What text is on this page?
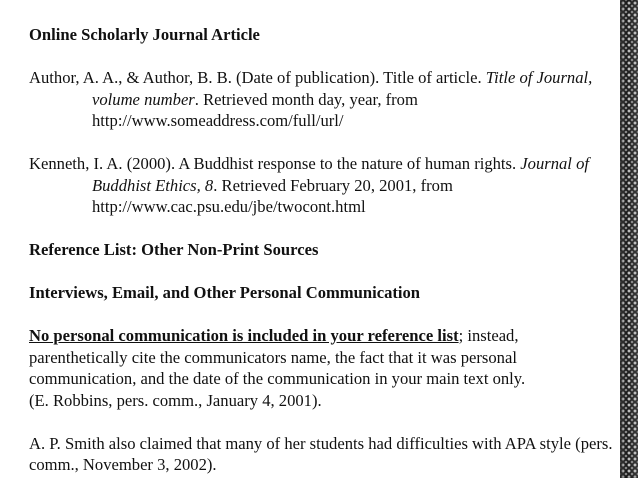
Online Scholarly Journal Article

Author, A. A., & Author, B. B. (Date of publication). Title of article. Title of Journal, volume number. Retrieved month day, year, from http://www.someaddress.com/full/url/

Kenneth, I. A. (2000). A Buddhist response to the nature of human rights. Journal of Buddhist Ethics, 8. Retrieved February 20, 2001, from http://www.cac.psu.edu/jbe/twocont.html

Reference List: Other Non-Print Sources

Interviews, Email, and Other Personal Communication

No personal communication is included in your reference list; instead, parenthetically cite the communicators name, the fact that it was personal communication, and the date of the communication in your main text only.
(E. Robbins, pers. comm., January 4, 2001).

A. P. Smith also claimed that many of her students had difficulties with APA style (pers. comm., November 3, 2002).
